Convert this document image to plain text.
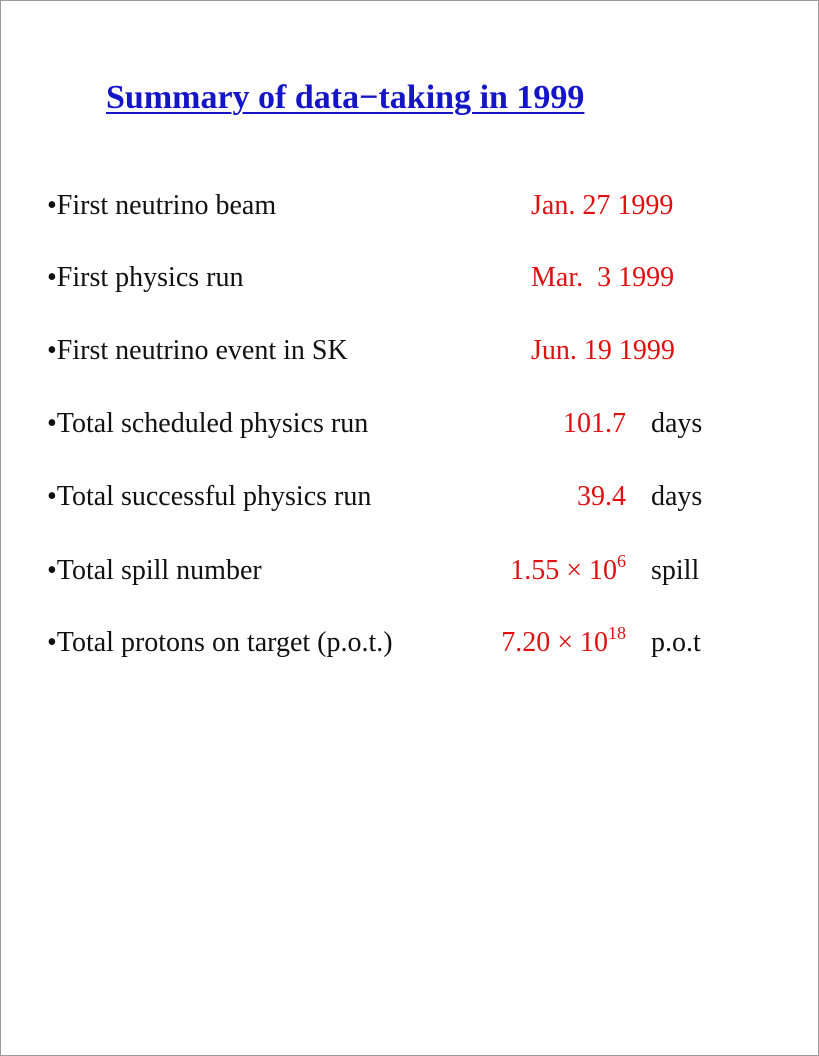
Summary of data−taking in 1999
•First neutrino beam	Jan. 27 1999
•First physics run	Mar.  3 1999
•First neutrino event in SK	Jun. 19 1999
•Total scheduled physics run	101.7 days
•Total successful physics run	39.4 days
•Total spill number	$1.55 \times 10^6$ spill
•Total protons on target (p.o.t.)	$7.20 \times 10^{18}$ p.o.t
